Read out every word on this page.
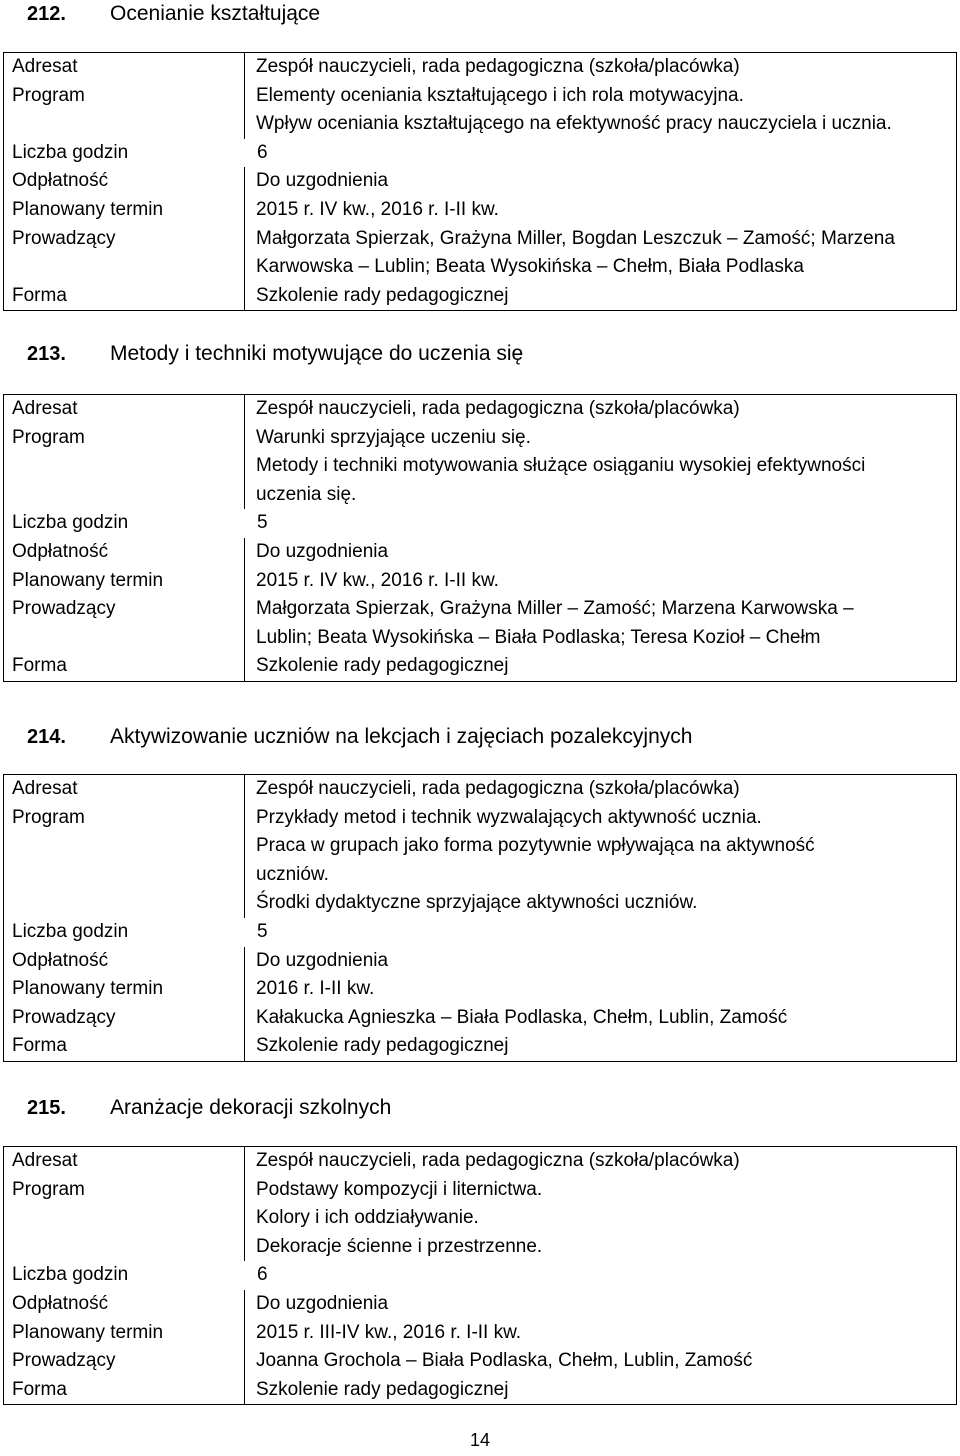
212. Ocenianie kształtujące
Adresat	Zespół nauczycieli, rada pedagogiczna (szkoła/placówka)
Program	Elementy oceniania kształtującego i ich rola motywacyjna.
Wpływ oceniania kształtującego na efektywność pracy nauczyciela i ucznia.
Liczba godzin	6
Odpłatność	Do uzgodnienia
Planowany termin	2015 r. IV kw., 2016 r. I-II kw.
Prowadzący	Małgorzata Spierzak, Grażyna Miller, Bogdan Leszczuk – Zamość; Marzena
Karwowska – Lublin; Beata Wysokińska – Chełm, Biała Podlaska
Forma	Szkolenie rady pedagogicznej
213. Metody i techniki motywujące do uczenia się
Adresat	Zespół nauczycieli, rada pedagogiczna (szkoła/placówka)
Program	Warunki sprzyjające uczeniu się.
Metody i techniki motywowania służące osiąganiu wysokiej efektywności
uczenia się.
Liczba godzin	5
Odpłatność	Do uzgodnienia
Planowany termin	2015 r. IV kw., 2016 r. I-II kw.
Prowadzący	Małgorzata Spierzak, Grażyna Miller – Zamość; Marzena Karwowska –
Lublin; Beata Wysokińska – Biała Podlaska; Teresa Kozioł – Chełm
Forma	Szkolenie rady pedagogicznej
214. Aktywizowanie uczniów na lekcjach i zajęciach pozalekcyjnych
Adresat	Zespół nauczycieli, rada pedagogiczna (szkoła/placówka)
Program	Przykłady metod i technik wyzwalających aktywność ucznia.
Praca w grupach jako forma pozytywnie wpływająca na aktywność
uczniów.
Środki dydaktyczne sprzyjające aktywności uczniów.
Liczba godzin	5
Odpłatność	Do uzgodnienia
Planowany termin	2016 r. I-II kw.
Prowadzący	Kałakucka Agnieszka – Biała Podlaska, Chełm, Lublin, Zamość
Forma	Szkolenie rady pedagogicznej
215. Aranżacje dekoracji szkolnych
Adresat	Zespół nauczycieli, rada pedagogiczna (szkoła/placówka)
Program	Podstawy kompozycji i liternictwa.
Kolory i ich oddziaływanie.
Dekoracje ścienne i przestrzenne.
Liczba godzin	6
Odpłatność	Do uzgodnienia
Planowany termin	2015 r. III-IV kw., 2016 r. I-II kw.
Prowadzący	Joanna Grochola – Biała Podlaska, Chełm, Lublin, Zamość
Forma	Szkolenie rady pedagogicznej
14
